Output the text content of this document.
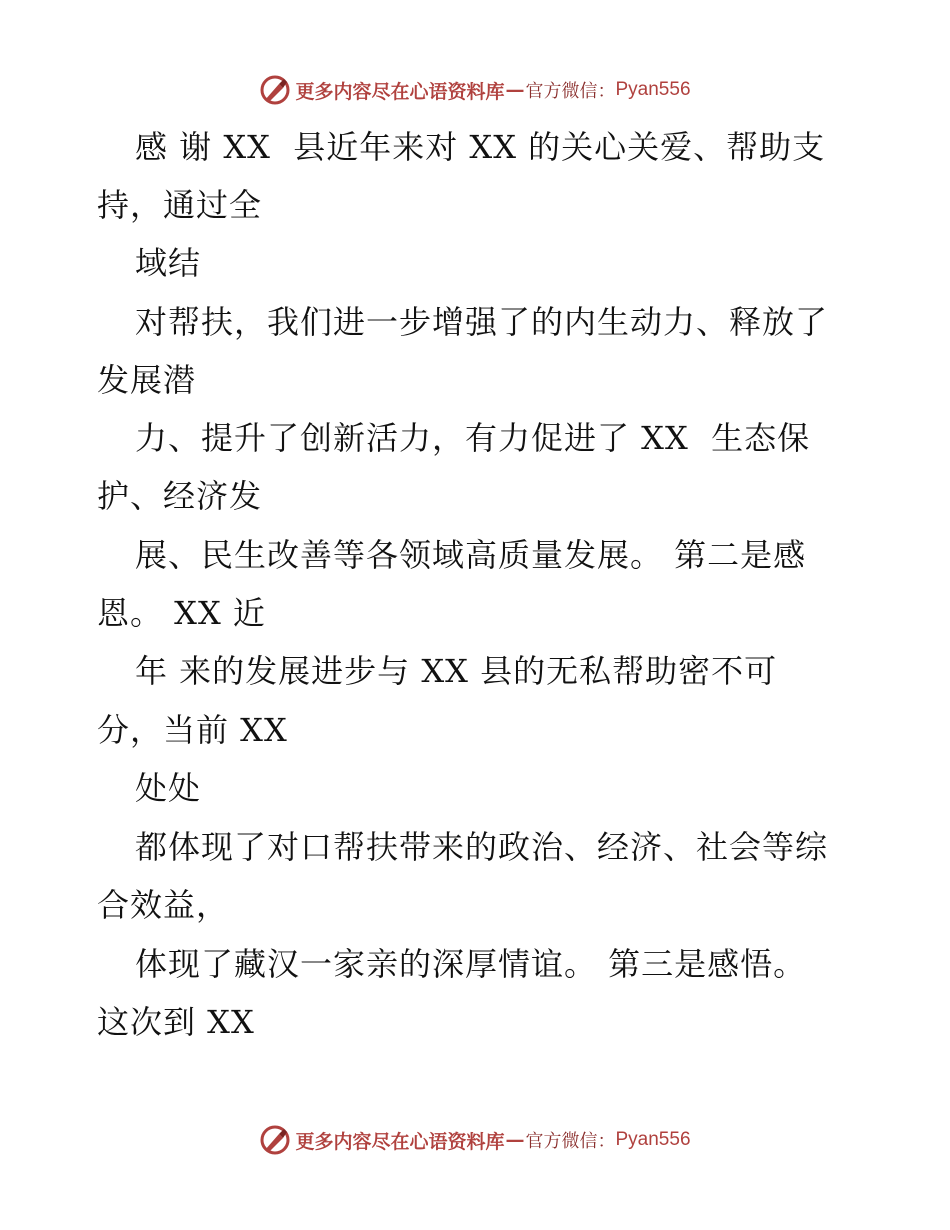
更多内容尽在心语资料库 — 官方微信： Pyan556
感 谢 XX  县近年来对 XX 的关心关爱、帮助支
持，通过全
域结
对帮扶，我们进一步增强了的内生动力、释放了
发展潜
力、提升了创新活力，有力促进了 XX  生态保
护、经济发
展、民生改善等各领域高质量发展。 第二是感
恩。 XX 近
年 来的发展进步与 XX 县的无私帮助密不可
分，当前 XX
处处
都体现了对口帮扶带来的政治、经济、社会等综
合效益，
体现了藏汉一家亲的深厚情谊。 第三是感悟。
这次到 XX
更多内容尽在心语资料库 — 官方微信： Pyan556
